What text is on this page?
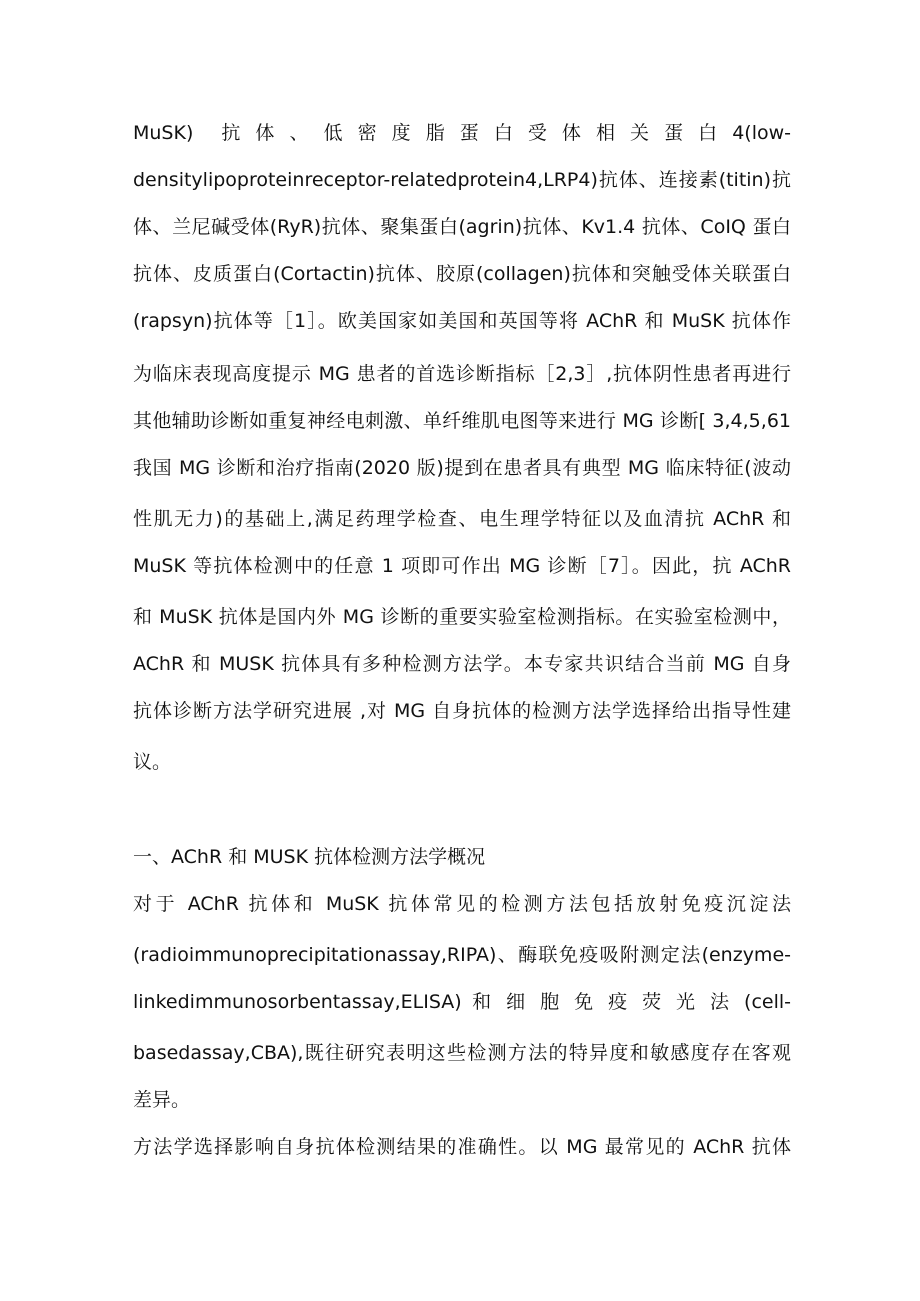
MuSK)　抗 体 、 低 密 度 脂 蛋 白 受 体 相 关 蛋 白 4(low-
densitylipoproteinreceptor-relatedprotein4,LRP4)抗体、连接素(titin)抗
体、兰尼碱受体(RyR)抗体、聚集蛋白(agrin)抗体、Kv1.4 抗体、CoIQ 蛋白
抗体、皮质蛋白(Cortactin)抗体、胶原(collagen)抗体和突触受体关联蛋白
(rapsyn)抗体等［1］。欧美国家如美国和英国等将 AChR 和 MuSK 抗体作
为临床表现高度提示 MG 患者的首选诊断指标［2,3］,抗体阴性患者再进行
其他辅助诊断如重复神经电刺激、单纤维肌电图等来进行 MG 诊断[ 3,4,5,61
我国 MG 诊断和治疗指南(2020 版)提到在患者具有典型 MG 临床特征(波动
性肌无力)的基础上,满足药理学检查、电生理学特征以及血清抗 AChR 和
MuSK 等抗体检测中的任意 1 项即可作出 MG 诊断［7］。因此，抗 AChR
和 MuSK 抗体是国内外 MG 诊断的重要实验室检测指标。在实验室检测中，
AChR 和 MUSK 抗体具有多种检测方法学。本专家共识结合当前 MG 自身
抗体诊断方法学研究进展 ,对 MG 自身抗体的检测方法学选择给出指导性建
议。
一、AChR 和 MUSK 抗体检测方法学概况
对于 AChR 抗体和 MuSK 抗体常见的检测方法包括放射免疫沉淀法
(radioimmunoprecipitationassay,RIPA)、酶联免疫吸附测定法(enzyme-
linkedimmunosorbentassay,ELISA) 和 细 胞 免 疫 荧 光 法 (cell-
basedassay,CBA),既往研究表明这些检测方法的特异度和敏感度存在客观
差异。
方法学选择影响自身抗体检测结果的准确性。以 MG 最常见的 AChR 抗体
